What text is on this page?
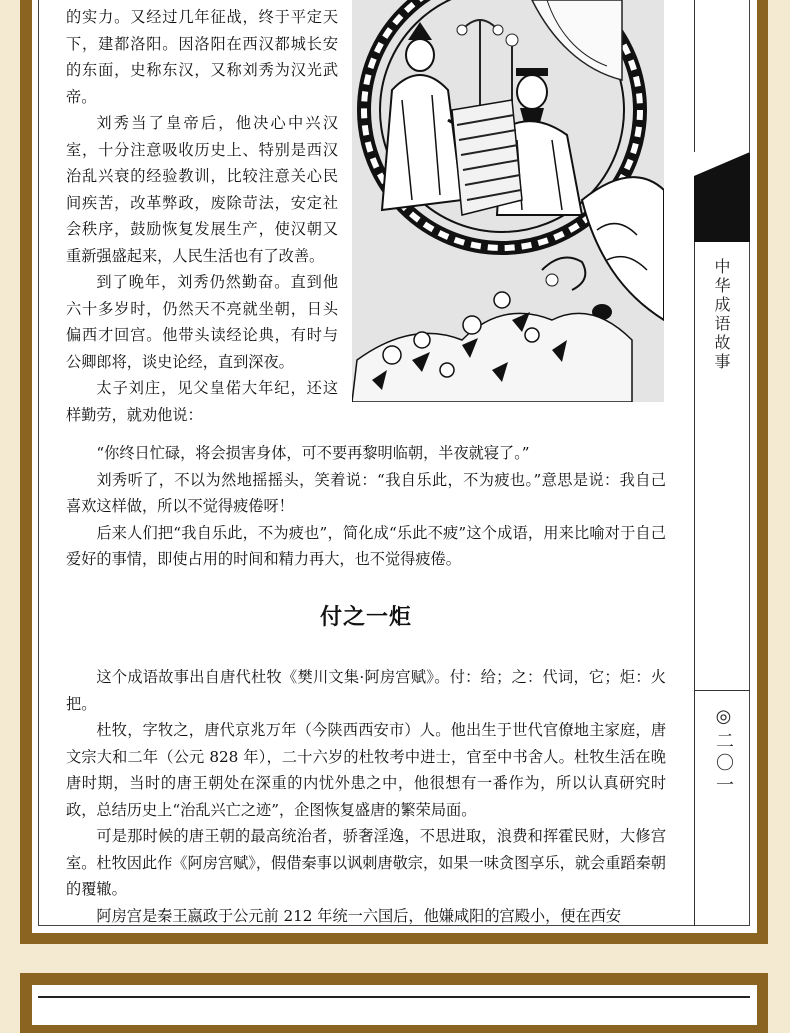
中华成语故事
◎二〇一

的实力。又经过几年征战，终于平定天下，建都洛阳。因洛阳在西汉都城长安的东面，史称东汉，又称刘秀为汉光武帝。

刘秀当了皇帝后，他决心中兴汉室，十分注意吸收历史上、特别是西汉治乱兴衰的经验教训，比较注意关心民间疾苦，改革弊政，废除苛法，安定社会秩序，鼓励恢复发展生产，使汉朝又重新强盛起来，人民生活也有了改善。

到了晚年，刘秀仍然勤奋。直到他六十多岁时，仍然天不亮就坐朝，日头偏西才回宫。他带头读经论典，有时与公卿郎将，谈史论经，直到深夜。

太子刘庄，见父皇偌大年纪，还这样勤劳，就劝他说：

“你终日忙碌，将会损害身体，可不要再黎明临朝，半夜就寝了。”

刘秀听了，不以为然地摇摇头，笑着说：“我自乐此，不为疲也。”意思是说：我自己喜欢这样做，所以不觉得疲倦呀！

后来人们把“我自乐此，不为疲也”，简化成“乐此不疲”这个成语，用来比喻对于自己爱好的事情，即使占用的时间和精力再大，也不觉得疲倦。

付之一炬

这个成语故事出自唐代杜牧《樊川文集·阿房宫赋》。付：给；之：代词，它；炬：火把。

杜牧，字牧之，唐代京兆万年（今陕西西安市）人。他出生于世代官僚地主家庭，唐文宗大和二年（公元 828 年），二十六岁的杜牧考中进士，官至中书舍人。杜牧生活在晚唐时期，当时的唐王朝处在深重的内忧外患之中，他很想有一番作为，所以认真研究时政，总结历史上“治乱兴亡之迹”，企图恢复盛唐的繁荣局面。

可是那时候的唐王朝的最高统治者，骄奢淫逸，不思进取，浪费和挥霍民财，大修宫室。杜牧因此作《阿房宫赋》，假借秦事以讽刺唐敬宗，如果一味贪图享乐，就会重蹈秦朝的覆辙。

阿房宫是秦王嬴政于公元前 212 年统一六国后，他嫌咸阳的宫殿小，便在西安
